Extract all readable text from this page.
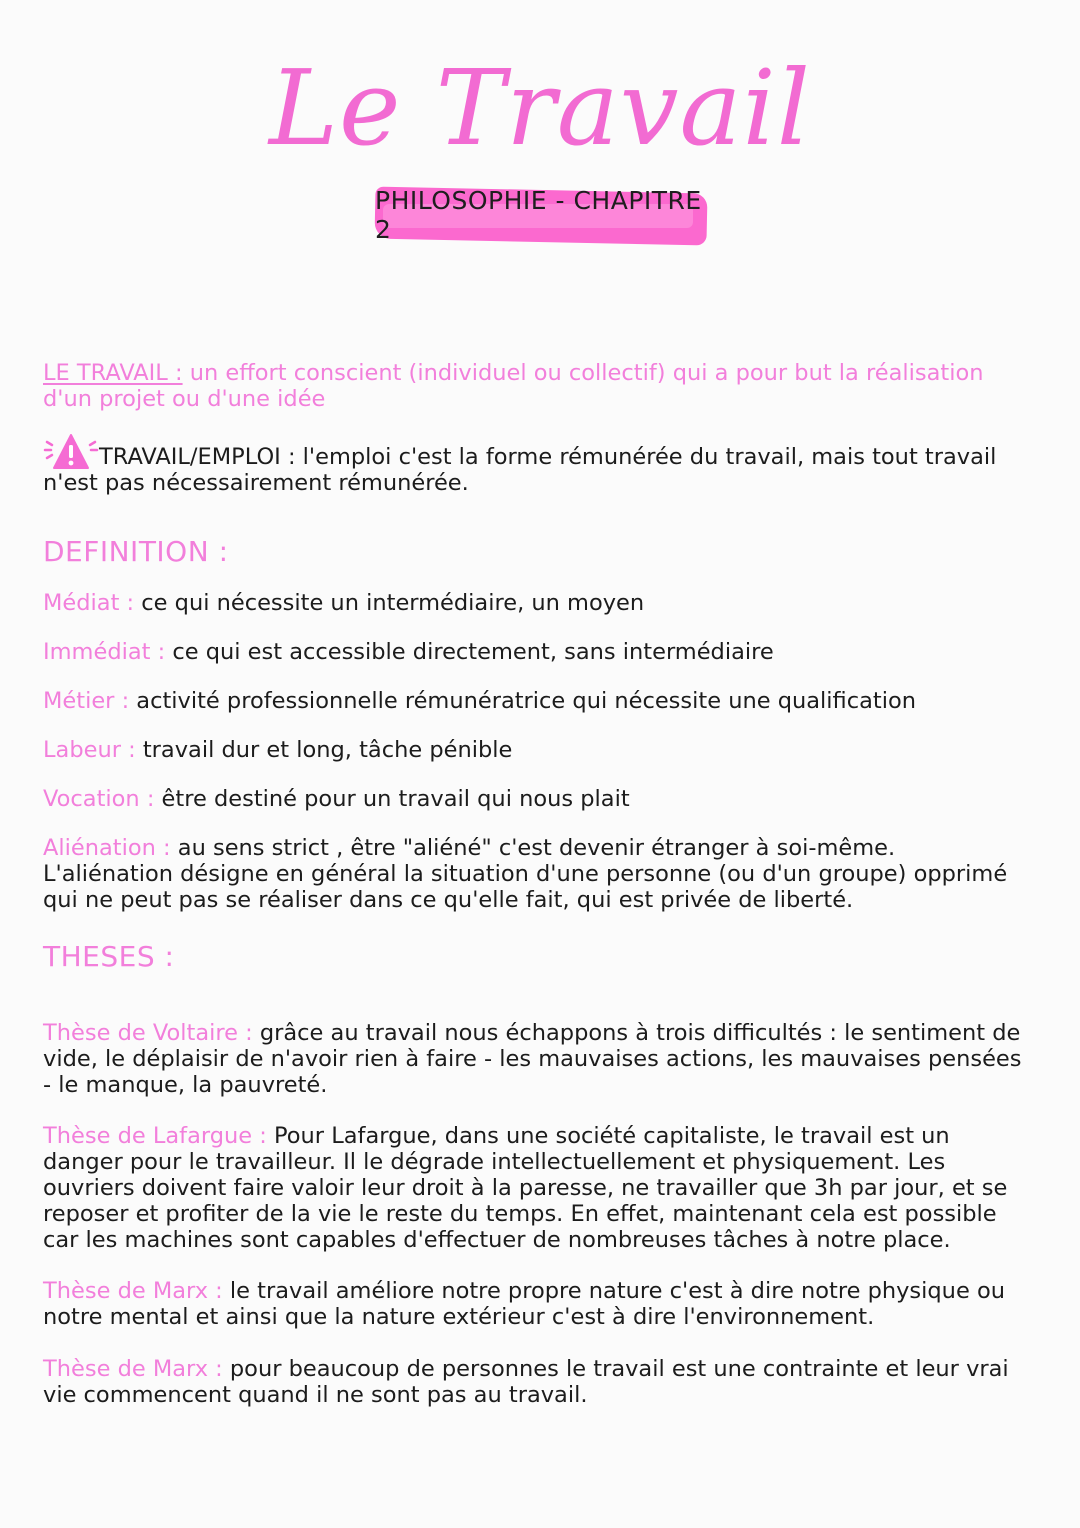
Le Travail
PHILOSOPHIE - CHAPITRE 2
LE TRAVAIL : un effort conscient (individuel ou collectif) qui a pour but la réalisation d'un projet ou d'une idée
TRAVAIL/EMPLOI : l'emploi c'est la forme rémunérée du travail, mais tout travail n'est pas nécessairement rémunérée.
DEFINITION :
Médiat : ce qui nécessite un intermédiaire, un moyen
Immédiat : ce qui est accessible directement, sans intermédiaire
Métier : activité professionnelle rémunératrice qui nécessite une qualification
Labeur : travail dur et long, tâche pénible
Vocation : être destiné pour un travail qui nous plait
Aliénation : au sens strict , être "aliéné" c'est devenir étranger à soi-même. L'aliénation désigne en général la situation d'une personne (ou d'un groupe) opprimé qui ne peut pas se réaliser dans ce qu'elle fait, qui est privée de liberté.
THESES :
Thèse de Voltaire : grâce au travail nous échappons à trois difficultés : le sentiment de vide, le déplaisir de n'avoir rien à faire - les mauvaises actions, les mauvaises pensées - le manque, la pauvreté.
Thèse de Lafargue : Pour Lafargue, dans une société capitaliste, le travail est un danger pour le travailleur. Il le dégrade intellectuellement et physiquement. Les ouvriers doivent faire valoir leur droit à la paresse, ne travailler que 3h par jour, et se reposer et profiter de la vie le reste du temps. En effet, maintenant cela est possible car les machines sont capables d'effectuer de nombreuses tâches à notre place.
Thèse de Marx : le travail améliore notre propre nature c'est à dire notre physique ou notre mental et ainsi que la nature extérieur c'est à dire l'environnement.
Thèse de Marx : pour beaucoup de personnes le travail est une contrainte et leur vrai vie commencent quand il ne sont pas au travail.
